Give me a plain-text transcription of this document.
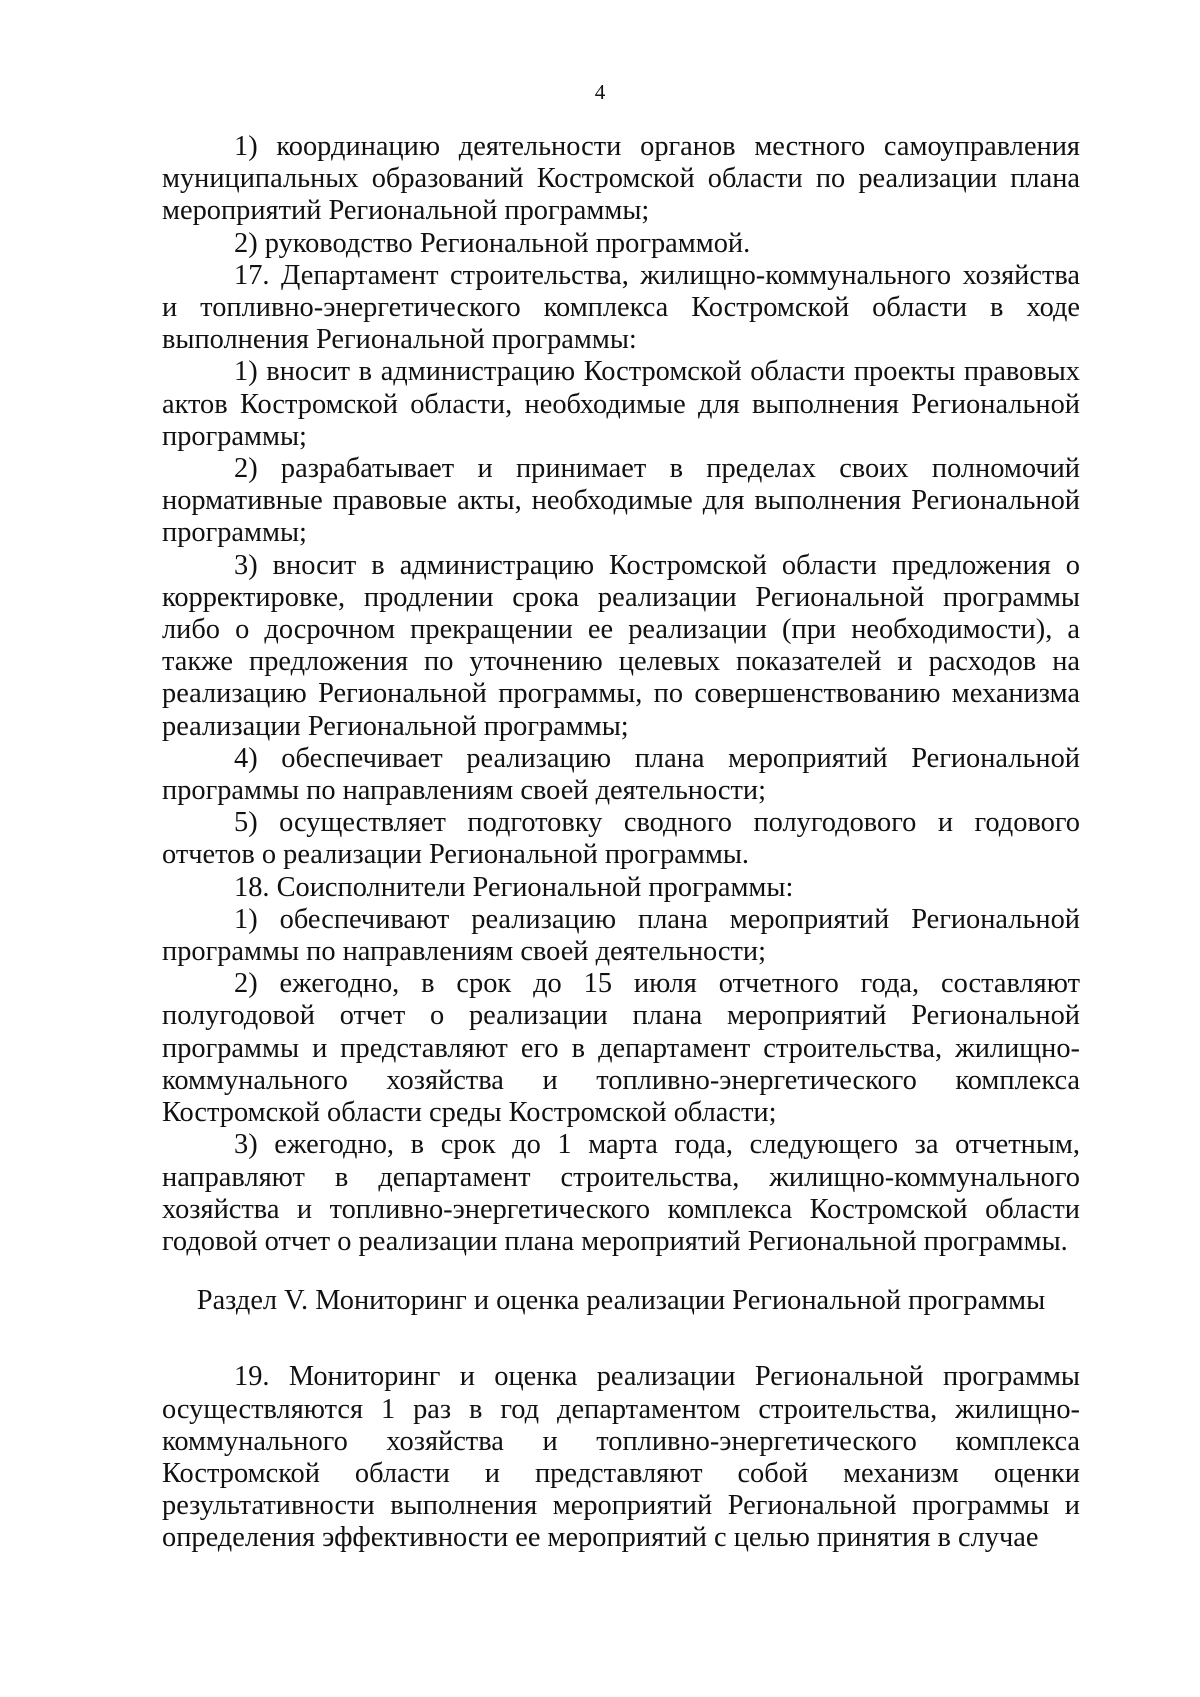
4

1) координацию деятельности органов местного самоуправления муниципальных образований Костромской области по реализации плана мероприятий Региональной программы;

2) руководство Региональной программой.

17. Департамент строительства, жилищно-коммунального хозяйства и топливно-энергетического комплекса Костромской области в ходе выполнения Региональной программы:

1) вносит в администрацию Костромской области проекты правовых актов Костромской области, необходимые для выполнения Региональной программы;

2) разрабатывает и принимает в пределах своих полномочий нормативные правовые акты, необходимые для выполнения Региональной программы;

3) вносит в администрацию Костромской области предложения о корректировке, продлении срока реализации Региональной программы либо о досрочном прекращении ее реализации (при необходимости), а также предложения по уточнению целевых показателей и расходов на реализацию Региональной программы, по совершенствованию механизма реализации Региональной программы;

4) обеспечивает реализацию плана мероприятий Региональной программы по направлениям своей деятельности;

5) осуществляет подготовку сводного полугодового и годового отчетов о реализации Региональной программы.

18. Соисполнители Региональной программы:

1) обеспечивают реализацию плана мероприятий Региональной программы по направлениям своей деятельности;

2) ежегодно, в срок до 15 июля отчетного года, составляют полугодовой отчет о реализации плана мероприятий Региональной программы и представляют его в департамент строительства, жилищно-коммунального хозяйства и топливно-энергетического комплекса Костромской области среды Костромской области;

3) ежегодно, в срок до 1 марта года, следующего за отчетным, направляют в департамент строительства, жилищно-коммунального хозяйства и топливно-энергетического комплекса Костромской области годовой отчет о реализации плана мероприятий Региональной программы.

Раздел V. Мониторинг и оценка реализации Региональной программы

19. Мониторинг и оценка реализации Региональной программы осуществляются 1 раз в год департаментом строительства, жилищно-коммунального хозяйства и топливно-энергетического комплекса Костромской области и представляют собой механизм оценки результативности выполнения мероприятий Региональной программы и определения эффективности ее мероприятий с целью принятия в случае
